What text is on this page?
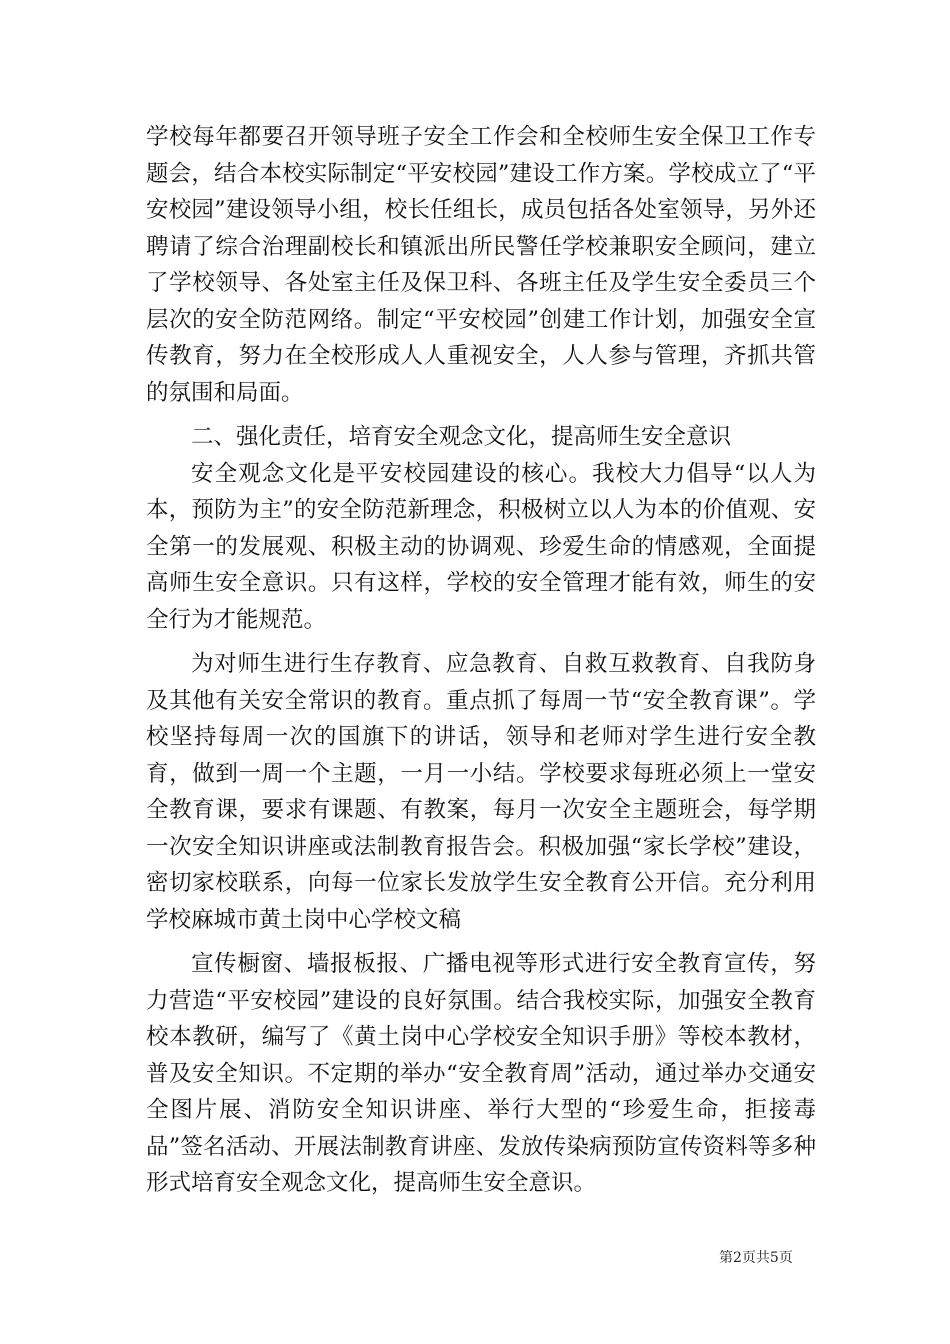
学校每年都要召开领导班子安全工作会和全校师生安全保卫工作专题会，结合本校实际制定“平安校园”建设工作方案。学校成立了“平安校园”建设领导小组，校长任组长，成员包括各处室领导，另外还聘请了综合治理副校长和镇派出所民警任学校兼职安全顾问，建立了学校领导、各处室主任及保卫科、各班主任及学生安全委员三个层次的安全防范网络。制定“平安校园”创建工作计划，加强安全宣传教育，努力在全校形成人人重视安全，人人参与管理，齐抓共管的氛围和局面。

二、强化责任，培育安全观念文化，提高师生安全意识

安全观念文化是平安校园建设的核心。我校大力倡导“以人为本，预防为主”的安全防范新理念，积极树立以人为本的价值观、安全第一的发展观、积极主动的协调观、珍爱生命的情感观，全面提高师生安全意识。只有这样，学校的安全管理才能有效，师生的安全行为才能规范。

为对师生进行生存教育、应急教育、自救互救教育、自我防身及其他有关安全常识的教育。重点抓了每周一节“安全教育课”。学校坚持每周一次的国旗下的讲话，领导和老师对学生进行安全教育，做到一周一个主题，一月一小结。学校要求每班必须上一堂安全教育课，要求有课题、有教案，每月一次安全主题班会，每学期一次安全知识讲座或法制教育报告会。积极加强“家长学校”建设，密切家校联系，向每一位家长发放学生安全教育公开信。充分利用学校麻城市黄土岗中心学校文稿

宣传橱窗、墙报板报、广播电视等形式进行安全教育宣传，努力营造“平安校园”建设的良好氛围。结合我校实际，加强安全教育校本教研，编写了《黄土岗中心学校安全知识手册》等校本教材，普及安全知识。不定期的举办“安全教育周”活动，通过举办交通安全图片展、消防安全知识讲座、举行大型的“珍爱生命，拒接毒品”签名活动、开展法制教育讲座、发放传染病预防宣传资料等多种形式培育安全观念文化，提高师生安全意识。

第2页共5页
